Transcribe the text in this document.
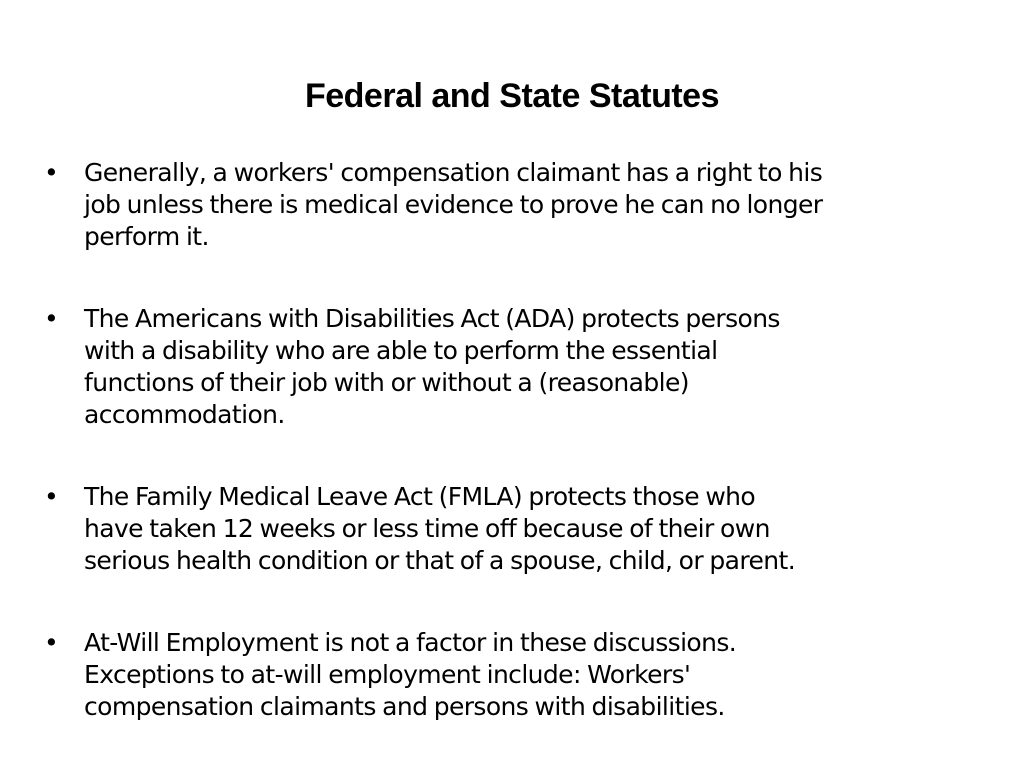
Federal and State Statutes
• Generally, a workers' compensation claimant has a right to his
job unless there is medical evidence to prove he can no longer
perform it.
• The Americans with Disabilities Act (ADA) protects persons
with a disability who are able to perform the essential
functions of their job with or without a (reasonable)
accommodation.
• The Family Medical Leave Act (FMLA) protects those who
have taken 12 weeks or less time off because of their own
serious health condition or that of a spouse, child, or parent.
• At-Will Employment is not a factor in these discussions.
Exceptions to at-will employment include: Workers'
compensation claimants and persons with disabilities.
